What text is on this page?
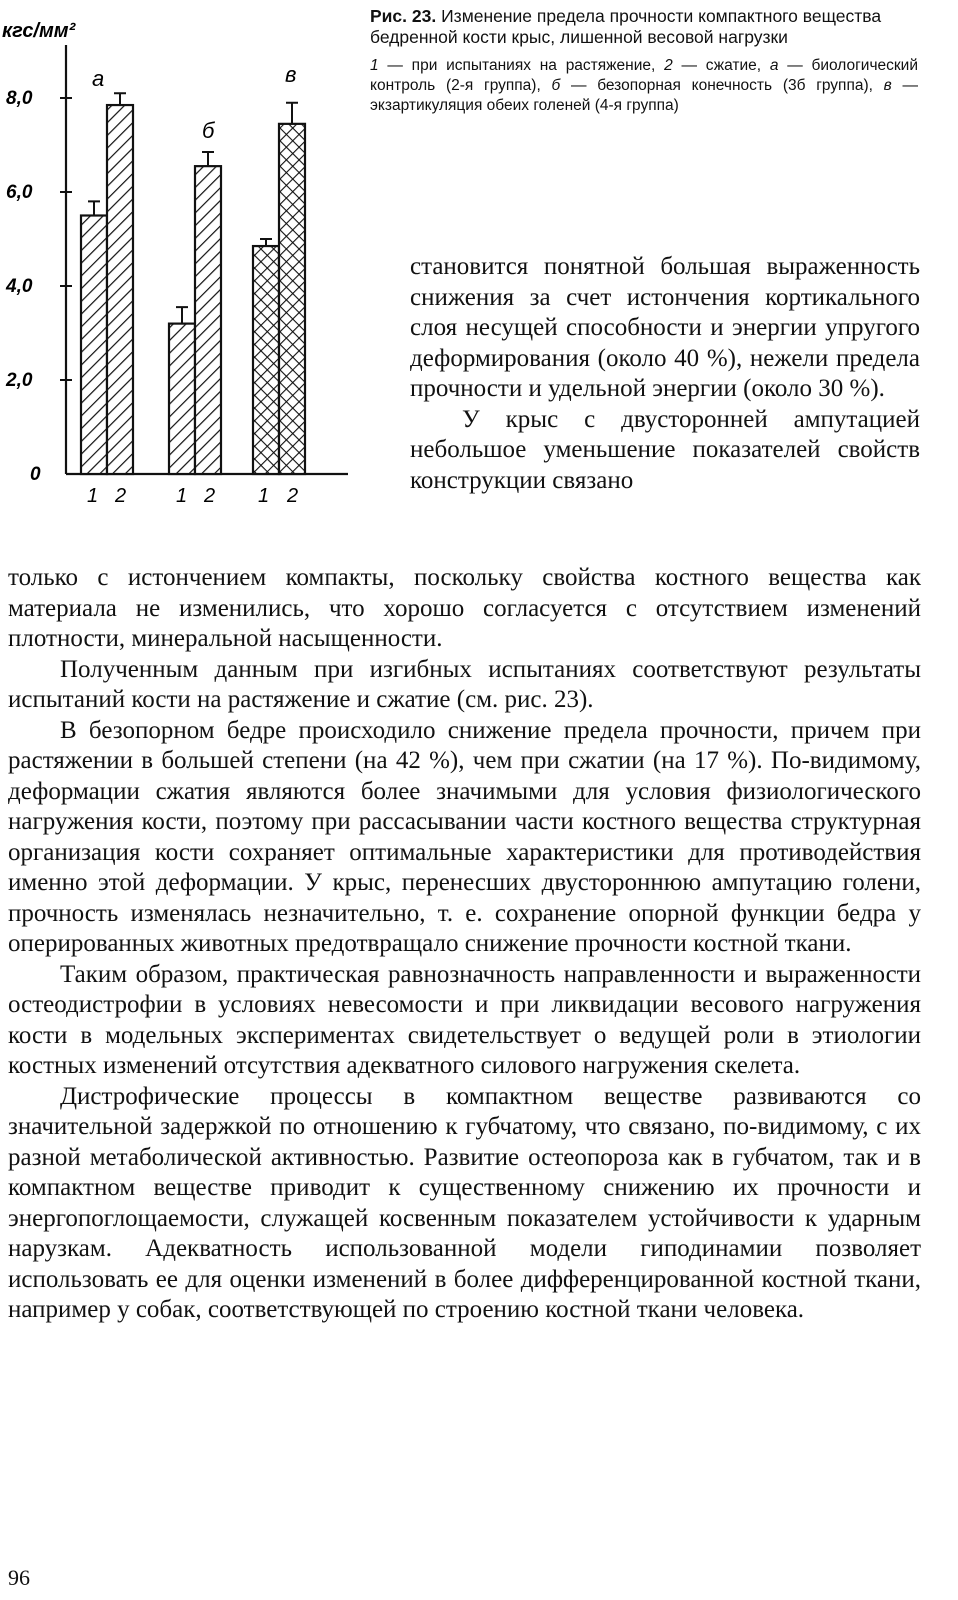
кгс/мм²
8,0
6,0
4,0
2,0
0
а
б
в
1 2 1 2 1 2

Рис. 23. Изменение предела прочности компактного вещества бедренной кости крыс, лишенной весовой нагрузки

1 — при испытаниях на растяжение, 2 — сжатие, а — биологический контроль (2-я группа), б — безопорная конечность (3б группа), в — экзартикуляция обеих голеней (4-я группа)

становится понятной большая выраженность снижения за счет истончения кортикального слоя несущей способности и энергии упругого деформирования (около 40 %), нежели предела прочности и удельной энергии (около 30 %).

У крыс с двусторонней ампутацией небольшое уменьшение показателей свойств конструкции связано

только с истончением компакты, поскольку свойства костного вещества как материала не изменились, что хорошо согласуется с отсутствием изменений плотности, минеральной насыщенности.

Полученным данным при изгибных испытаниях соответствуют результаты испытаний кости на растяжение и сжатие (см. рис. 23).

В безопорном бедре происходило снижение предела прочности, причем при растяжении в большей степени (на 42 %), чем при сжатии (на 17 %). По-видимому, деформации сжатия являются более значимыми для условия физиологического нагружения кости, поэтому при рассасывании части костного вещества структурная организация кости сохраняет оптимальные характеристики для противодействия именно этой деформации. У крыс, перенесших двустороннюю ампутацию голени, прочность изменялась незначительно, т. е. сохранение опорной функции бедра у оперированных животных предотвращало снижение прочности костной ткани.

Таким образом, практическая равнозначность направленности и выраженности остеодистрофии в условиях невесомости и при ликвидации весового нагружения кости в модельных экспериментах свидетельствует о ведущей роли в этиологии костных изменений отсутствия адекватного силового нагружения скелета.

Дистрофические процессы в компактном веществе развиваются со значительной задержкой по отношению к губчатому, что связано, по-видимому, с их разной метаболической активностью. Развитие остеопороза как в губчатом, так и в компактном веществе приводит к существенному снижению их прочности и энергопоглощаемости, служащей косвенным показателем устойчивости к ударным нарузкам. Адекватность использованной модели гиподинамии позволяет использовать ее для оценки изменений в более дифференцированной костной ткани, например у собак, соответствующей по строению костной ткани человека.

96
